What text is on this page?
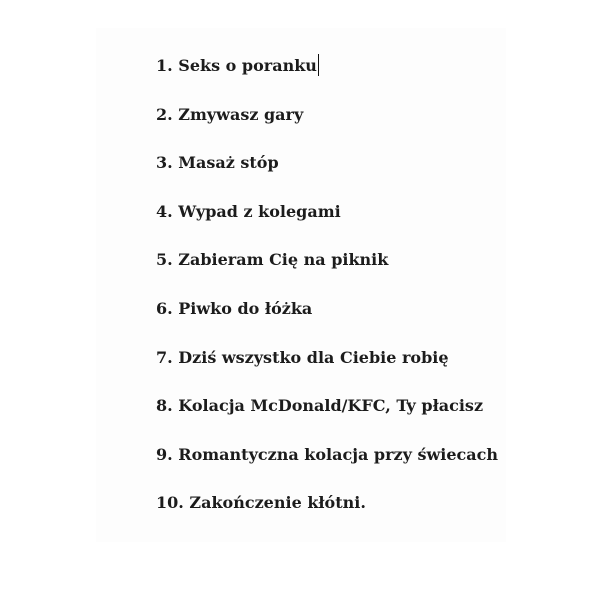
1. Seks o poranku
2. Zmywasz gary
3. Masaż stóp
4. Wypad z kolegami
5. Zabieram Cię na piknik
6. Piwko do łóżka
7. Dziś wszystko dla Ciebie robię
8. Kolacja McDonald/KFC, Ty płacisz
9. Romantyczna kolacja przy świecach
10. Zakończenie kłótni.
